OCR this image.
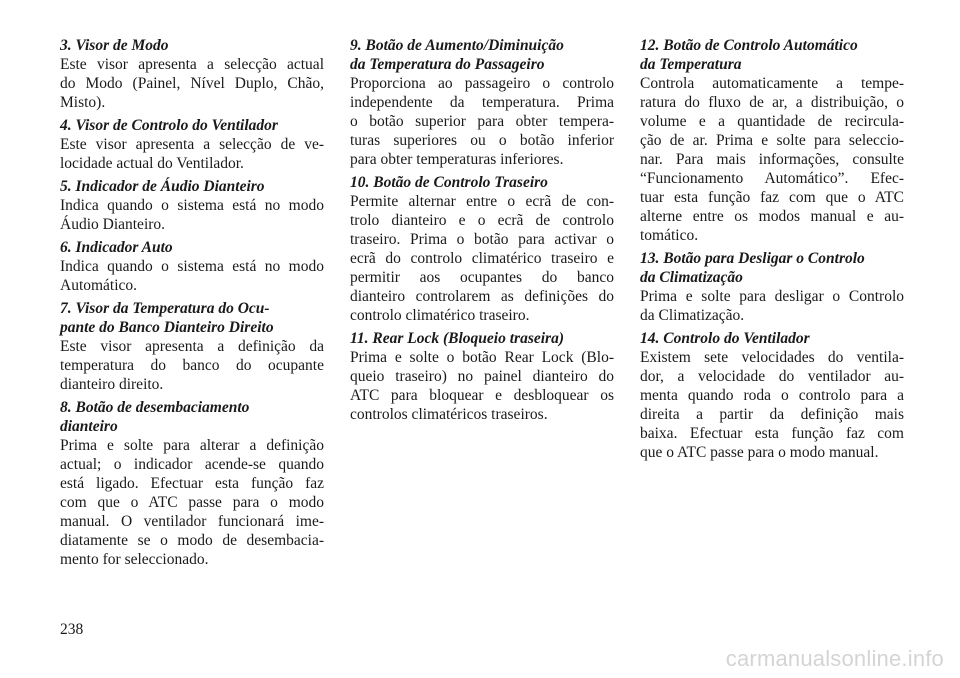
3. Visor de Modo
Este visor apresenta a selecção actual
do Modo (Painel, Nível Duplo, Chão,
Misto).
4. Visor de Controlo do Ventilador
Este visor apresenta a selecção de ve-
locidade actual do Ventilador.
5. Indicador de Áudio Dianteiro
Indica quando o sistema está no modo
Áudio Dianteiro.
6. Indicador Auto
Indica quando o sistema está no modo
Automático.
7. Visor da Temperatura do Ocu-
pante do Banco Dianteiro Direito
Este visor apresenta a definição da
temperatura do banco do ocupante
dianteiro direito.
8. Botão de desembaciamento
dianteiro
Prima e solte para alterar a definição
actual; o indicador acende-se quando
está ligado. Efectuar esta função faz
com que o ATC passe para o modo
manual. O ventilador funcionará ime-
diatamente se o modo de desembacia-
mento for seleccionado.
9. Botão de Aumento/Diminuição
da Temperatura do Passageiro
Proporciona ao passageiro o controlo
independente da temperatura. Prima
o botão superior para obter tempera-
turas superiores ou o botão inferior
para obter temperaturas inferiores.
10. Botão de Controlo Traseiro
Permite alternar entre o ecrã de con-
trolo dianteiro e o ecrã de controlo
traseiro. Prima o botão para activar o
ecrã do controlo climatérico traseiro e
permitir aos ocupantes do banco
dianteiro controlarem as definições do
controlo climatérico traseiro.
11. Rear Lock (Bloqueio traseira)
Prima e solte o botão Rear Lock (Blo-
queio traseiro) no painel dianteiro do
ATC para bloquear e desbloquear os
controlos climatéricos traseiros.
12. Botão de Controlo Automático
da Temperatura
Controla automaticamente a tempe-
ratura do fluxo de ar, a distribuição, o
volume e a quantidade de recircula-
ção de ar. Prima e solte para seleccio-
nar. Para mais informações, consulte
“Funcionamento Automático”. Efec-
tuar esta função faz com que o ATC
alterne entre os modos manual e au-
tomático.
13. Botão para Desligar o Controlo
da Climatização
Prima e solte para desligar o Controlo
da Climatização.
14. Controlo do Ventilador
Existem sete velocidades do ventila-
dor, a velocidade do ventilador au-
menta quando roda o controlo para a
direita a partir da definição mais
baixa. Efectuar esta função faz com
que o ATC passe para o modo manual.
238
carmanualsonline.info
